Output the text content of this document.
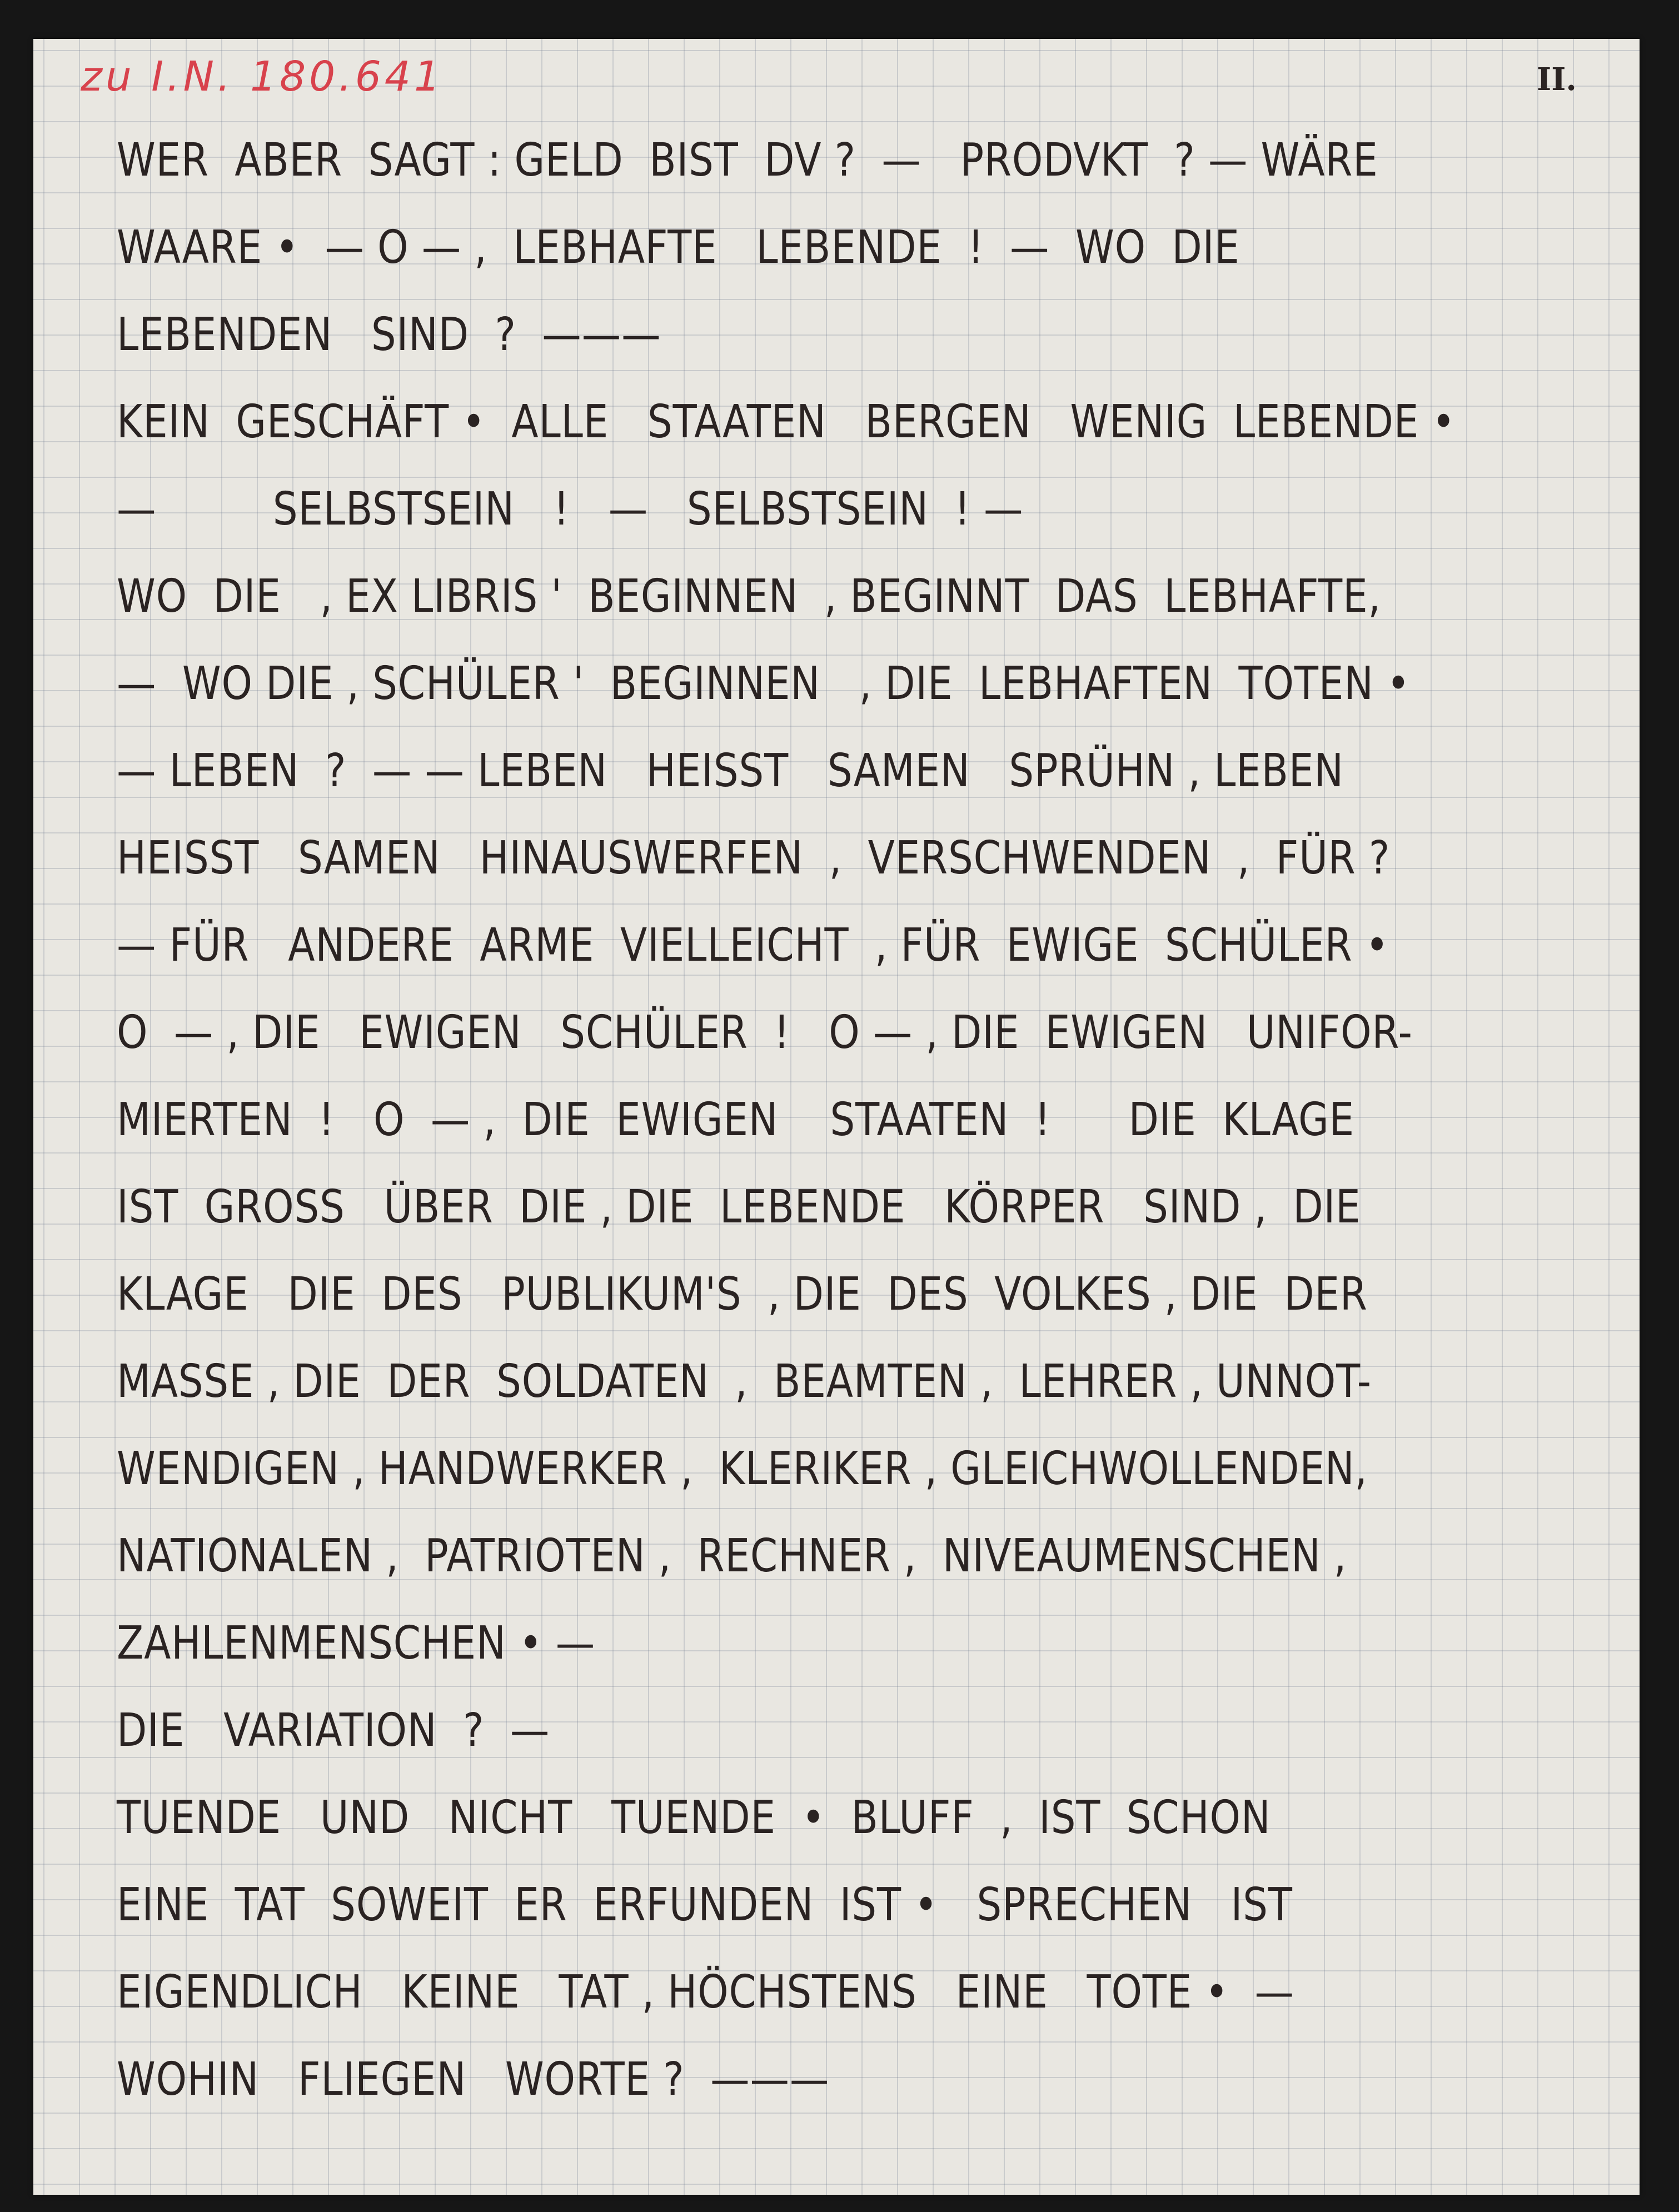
zu I.N. 180.641	II.
WER  ABER  SAGT : GELD  BIST  DV ?  —   PRODVKT  ? — WÄRE
WAARE •  — O — ,  LEBHAFTE   LEBENDE  !  —  WO  DIE
LEBENDEN   SIND  ?  ———
KEIN  GESCHÄFT •  ALLE   STAATEN   BERGEN   WENIG  LEBENDE •
—         SELBSTSEIN   !   —   SELBSTSEIN  ! —
WO  DIE   , EX LIBRIS '  BEGINNEN  , BEGINNT  DAS  LEBHAFTE,
—  WO DIE , SCHÜLER '  BEGINNEN   , DIE  LEBHAFTEN  TOTEN •
— LEBEN  ?  — — LEBEN   HEISST   SAMEN   SPRÜHN , LEBEN
HEISST   SAMEN   HINAUSWERFEN  ,  VERSCHWENDEN  ,  FÜR ?
— FÜR   ANDERE  ARME  VIELLEICHT  , FÜR  EWIGE  SCHÜLER •
O  — , DIE   EWIGEN   SCHÜLER  !   O — , DIE  EWIGEN   UNIFOR-
MIERTEN  !   O  — ,  DIE  EWIGEN    STAATEN  !      DIE  KLAGE
IST  GROSS   ÜBER  DIE , DIE  LEBENDE   KÖRPER   SIND ,  DIE
KLAGE   DIE  DES   PUBLIKUM'S  , DIE  DES  VOLKES , DIE  DER
MASSE , DIE  DER  SOLDATEN  ,  BEAMTEN ,  LEHRER , UNNOT-
WENDIGEN , HANDWERKER ,  KLERIKER , GLEICHWOLLENDEN,
NATIONALEN ,  PATRIOTEN ,  RECHNER ,  NIVEAUMENSCHEN ,
ZAHLENMENSCHEN • —
DIE   VARIATION  ?  —
TUENDE   UND   NICHT   TUENDE  •  BLUFF  ,  IST  SCHON
EINE  TAT  SOWEIT  ER  ERFUNDEN  IST •   SPRECHEN   IST
EIGENDLICH   KEINE   TAT , HÖCHSTENS   EINE   TOTE •  —
WOHIN   FLIEGEN   WORTE ?  ———
